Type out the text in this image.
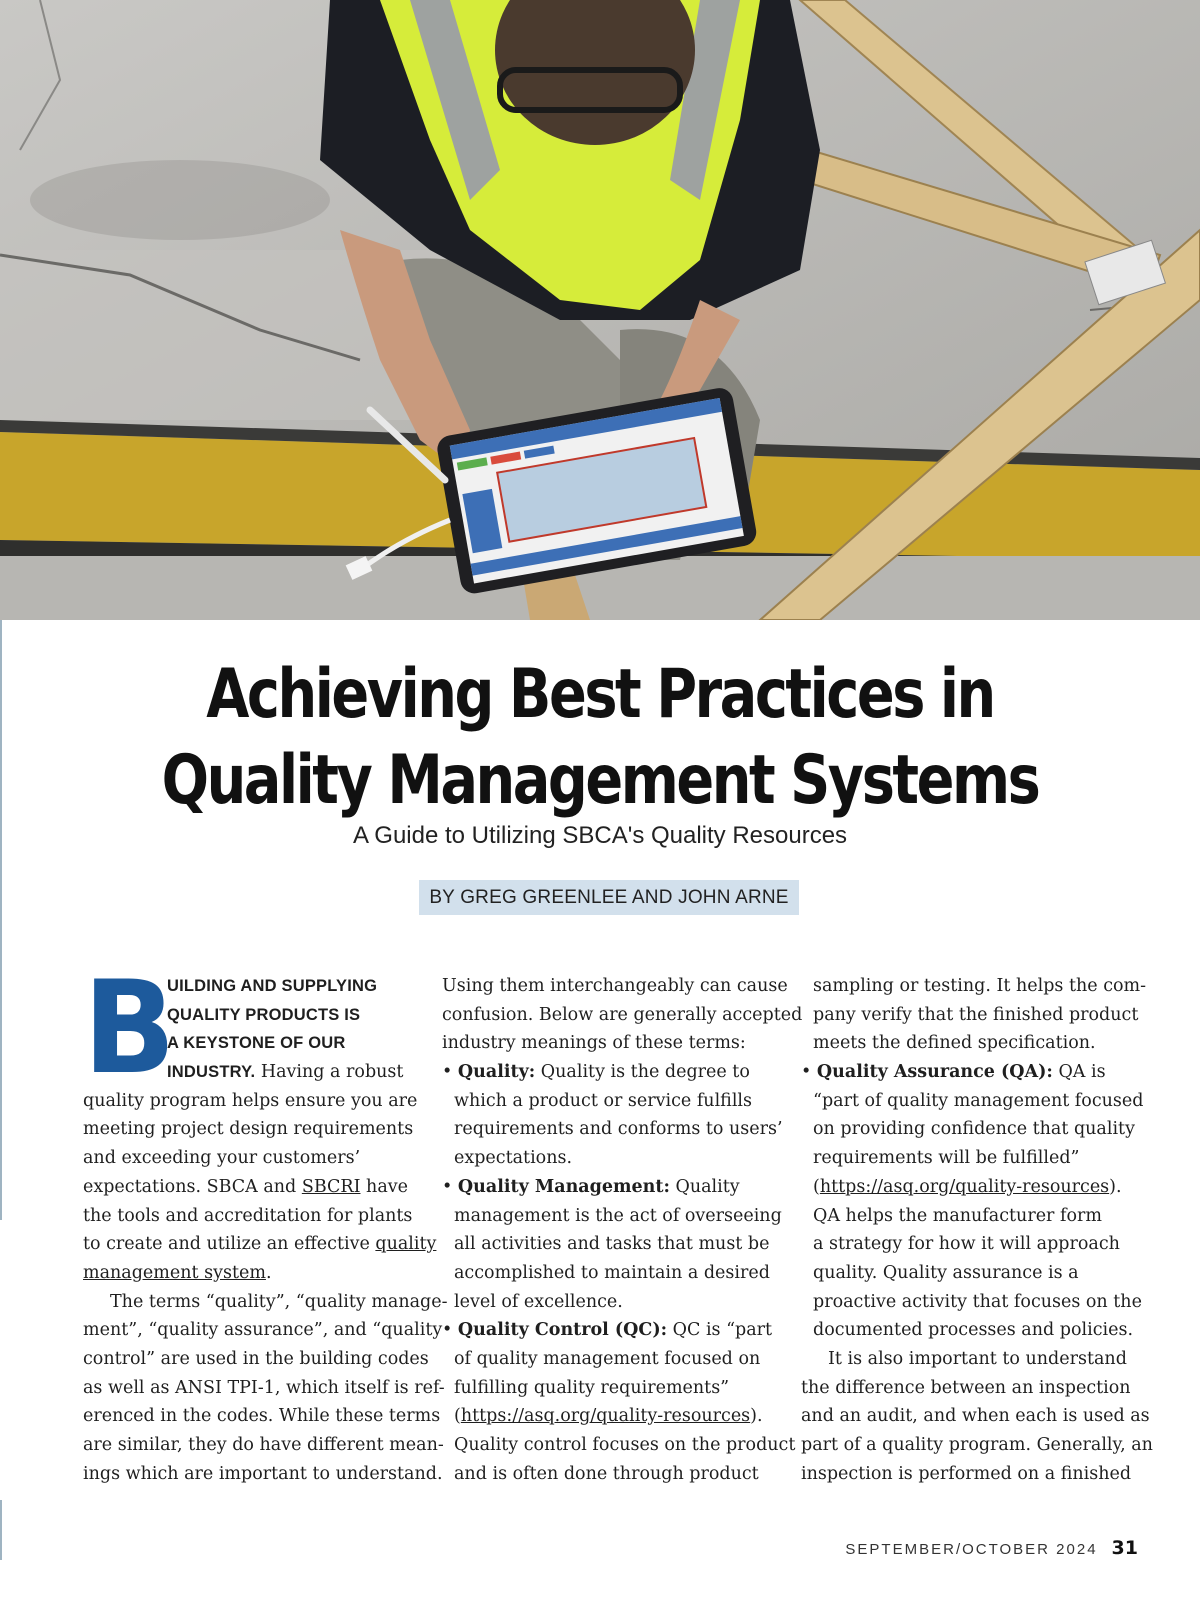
Achieving Best Practices in
Quality Management Systems
A Guide to Utilizing SBCA's Quality Resources
BY GREG GREENLEE AND JOHN ARNE
B
UILDING AND SUPPLYING
QUALITY PRODUCTS IS
A KEYSTONE OF OUR
INDUSTRY. Having a robust
quality program helps ensure you are
meeting project design requirements
and exceeding your customers’
expectations. SBCA and SBCRI have
the tools and accreditation for plants
to create and utilize an effective quality
management system.
The terms “quality”, “quality manage-
ment”, “quality assurance”, and “quality
control” are used in the building codes
as well as ANSI TPI-1, which itself is ref-
erenced in the codes. While these terms
are similar, they do have different mean-
ings which are important to understand.
Using them interchangeably can cause
confusion. Below are generally accepted
industry meanings of these terms:
• Quality: Quality is the degree to
which a product or service fulfills
requirements and conforms to users’
expectations.
• Quality Management: Quality
management is the act of overseeing
all activities and tasks that must be
accomplished to maintain a desired
level of excellence.
• Quality Control (QC): QC is “part
of quality management focused on
fulfilling quality requirements”
(https://asq.org/quality-resources).
Quality control focuses on the product
and is often done through product
sampling or testing. It helps the com-
pany verify that the finished product
meets the defined specification.
• Quality Assurance (QA): QA is
“part of quality management focused
on providing confidence that quality
requirements will be fulfilled”
(https://asq.org/quality-resources).
QA helps the manufacturer form
a strategy for how it will approach
quality. Quality assurance is a
proactive activity that focuses on the
documented processes and policies.
It is also important to understand
the difference between an inspection
and an audit, and when each is used as
part of a quality program. Generally, an
inspection is performed on a finished
SEPTEMBER/OCTOBER 2024 31
